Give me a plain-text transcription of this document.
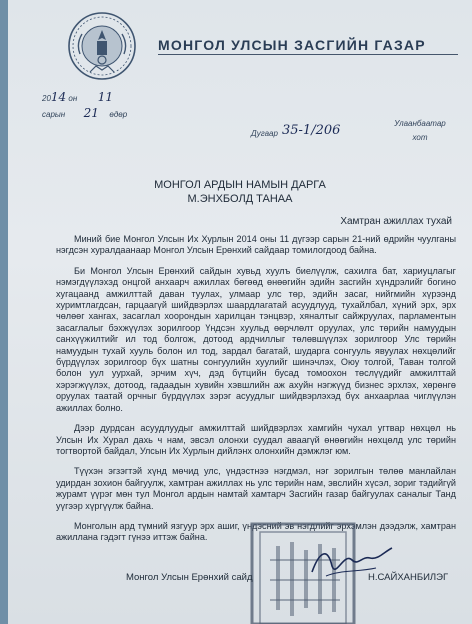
МОНГОЛ УЛСЫН ЗАСГИЙН ГАЗАР
2014 он 11
сарын 21 өдөр
Дугаар 35-1/206	Улаанбаатар
хот
МОНГОЛ АРДЫН НАМЫН ДАРГА
М.ЭНХБОЛД ТАНАА
Хамтран ажиллах тухай

Миний бие Монгол Улсын Их Хурлын 2014 оны 11 дүгээр сарын 21-ний өдрийн чуулганы нэгдсэн хуралдаанаар Монгол Улсын Ерөнхий сайдаар томилогдоод байна.

Би Монгол Улсын Ерөнхий сайдын хувьд хуулъ биелүүлж, сахилга бат, хариуцлагыг нэмэгдүүлэхэд онцгой анхаарч ажиллах бөгөөд өнөөгийн эдийн засгийн хүндрэлийг богино хугацаанд амжилттай даван туулах, улмаар улс төр, эдийн засаг, нийгмийн хүрээнд хуримтлагдсан, гарцаагүй шийдвэрлэх шаардлагатай асуудлууд, тухайлбал, хүний эрх, эрх чөлөөг хангах, засаглал хоорондын харилцан тэнцвэр, хяналтыг сайжруулах, парламентын засаглалыг бэхжүүлэх зорилгоор Үндсэн хуульд өөрчлөлт оруулах, улс төрийн намуудын санхүүжилтийг ил тод болгож, дотоод ардчиллыг төлөвшүүлэх зорилгоор Улс төрийн намуудын тухай хууль болон ил тод, зардал багатай, шударга сонгууль явуулах нөхцөлийг бүрдүүлэх зорилгоор бүх шатны сонгуулийн хуулийг шинэчлэх, Оюу толгой, Таван толгой болон уул уурхай, эрчим хүч, дэд бүтцийн бусад томоохон төслүүдийг амжилттай хэрэгжүүлэх, дотоод, гадаадын хувийн хэвшлийн аж ахуйн нэгжүүд бизнес эрхлэх, хөрөнгө оруулах таатай орчныг бүрдүүлэх зэрэг асуудлыг шийдвэрлэхэд бүх анхаарлаа чиглүүлэн ажиллах болно.

Дээр дурдсан асуудлуудыг амжилттай шийдвэрлэх хамгийн чухал угтвар нөхцөл нь Улсын Их Хурал дахь ч нам, эвсэл олонхи суудал аваагүй өнөөгийн нөхцөлд улс төрийн тогтвортой байдал, Улсын Их Хурлын дийлэнх олонхийн дэмжлэг юм.

Түүхэн эгзэгтэй хүнд мөчид улс, үндэстнээ нэгдмэл, нэг зорилгын төлөө манлайлан удирдан зохион байгуулж, хамтран ажиллах нь улс төрийн нам, эвслийн хүсэл, зориг тэдийгүй журамт үүрэг мөн тул Монгол ардын намтай хамтарч Засгийн газар байгуулах саналыг Танд уүгээр хүргүүлж байна.

Монголын ард түмний язгуур эрх ашиг, үндэсний эв нэгдлийг эрхэмлэн дээдэлж, хамтран ажиллана гэдэгт гүнээ иттэж байна.

Монгол Улсын Ерөнхий сайд	Н.САЙХАНБИЛЭГ
